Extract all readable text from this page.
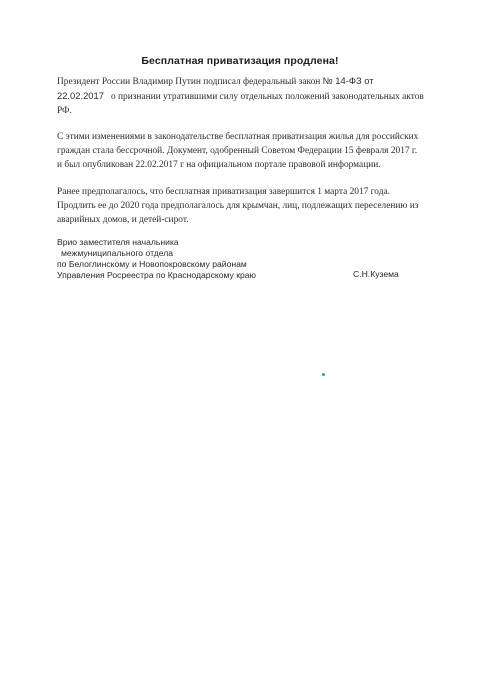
Бесплатная приватизация продлена!
Президент России Владимир Путин подписал федеральный закон № 14-ФЗ от
22.02.2017 о признании утратившими силу отдельных положений законодательных актов
РФ.
С этими изменениями в законодательстве бесплатная приватизация жилья для российских
граждан стала бессрочной. Документ, одобренный Советом Федерации 15 февраля 2017 г.
и был опубликован 22.02.2017 г на официальном портале правовой информации.
Ранее предполагалось, что бесплатная приватизация завершится 1 марта 2017 года.
Продлить ее до 2020 года предполагалось для крымчан, лиц, подлежащих переселению из
аварийных домов, и детей-сирот.
Врио заместителя начальника
межмуниципального отдела
по Белоглинскому и Новопокровскому районам
Управления Росреестра по Краснодарскому краю	С.Н.Кузема
